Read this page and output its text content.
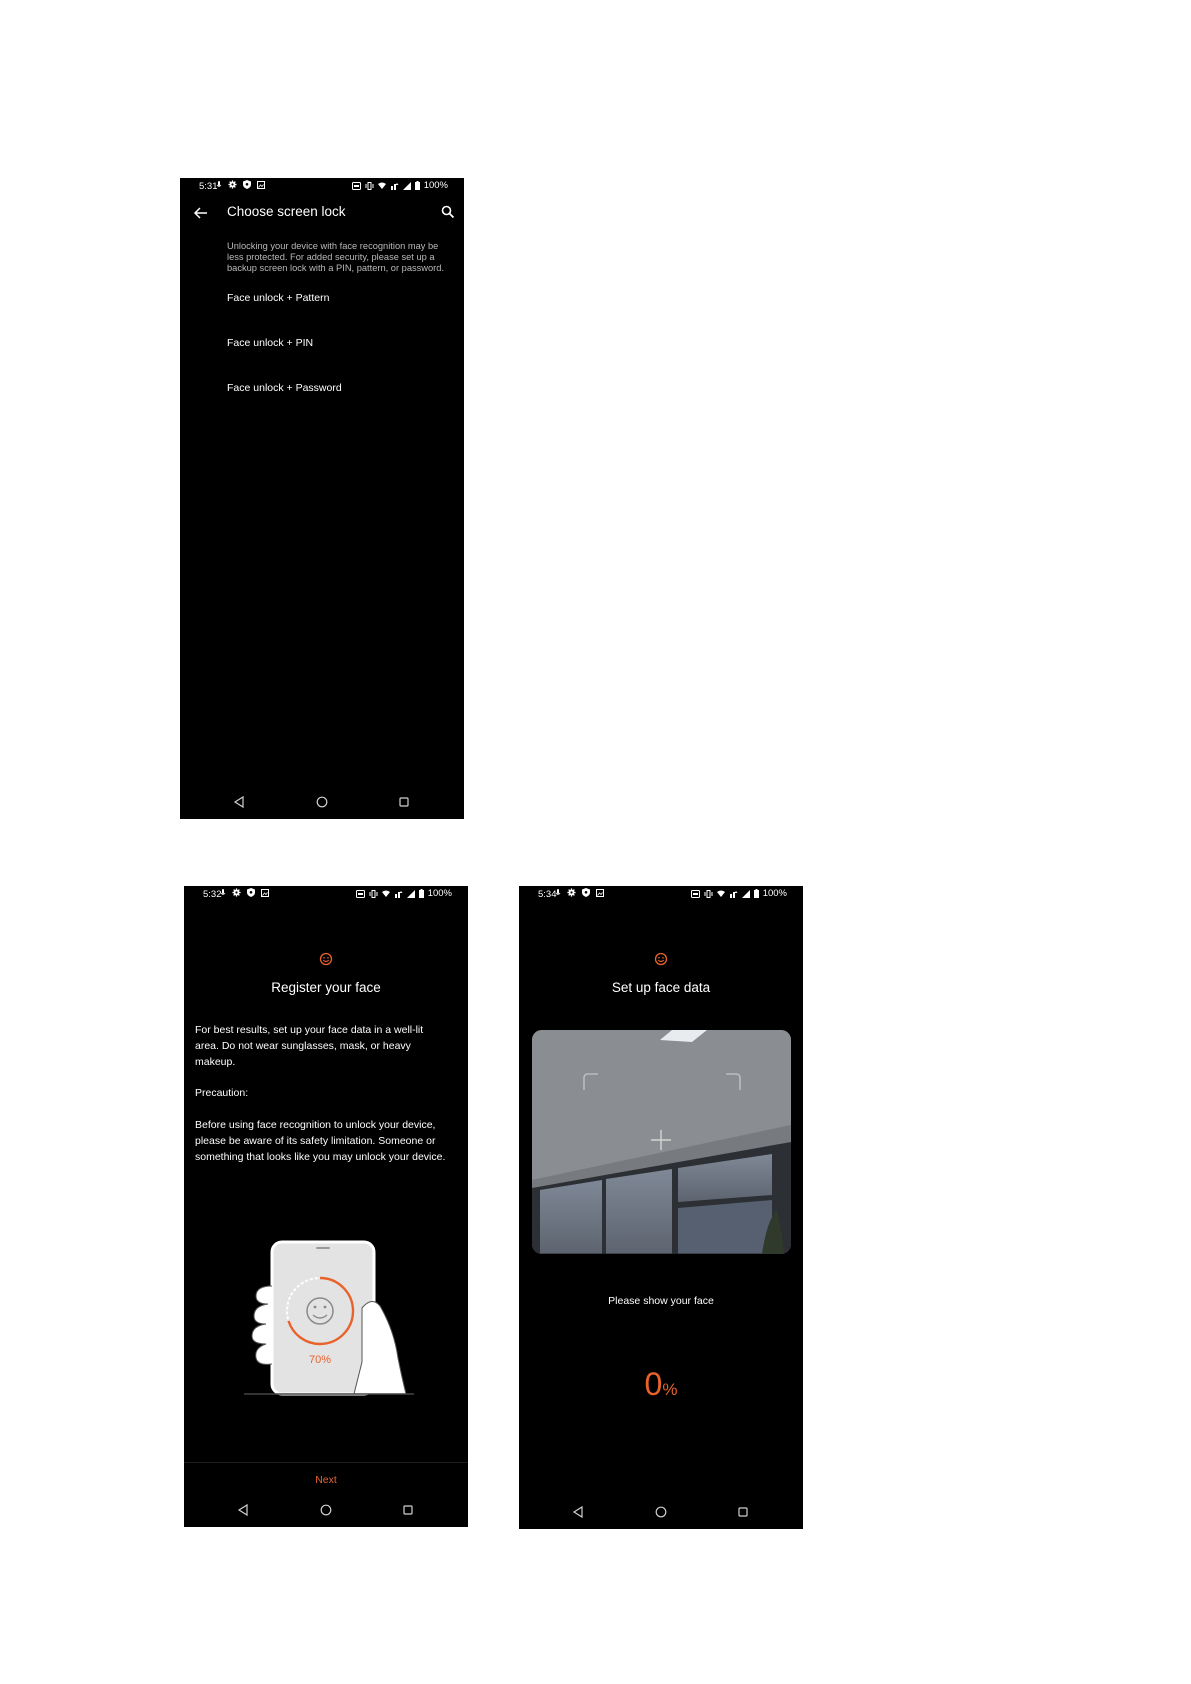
5:31	100%
Choose screen lock
Unlocking your device with face recognition may be less protected. For added security, please set up a backup screen lock with a PIN, pattern, or password.
Face unlock + Pattern
Face unlock + PIN
Face unlock + Password
5:32	100%
Register your face
For best results, set up your face data in a well-lit area. Do not wear sunglasses, mask, or heavy makeup.
Precaution:
Before using face recognition to unlock your device, please be aware of its safety limitation. Someone or something that looks like you may unlock your device.
70%
Next
5:34	100%
Set up face data
Please show your face
0%
